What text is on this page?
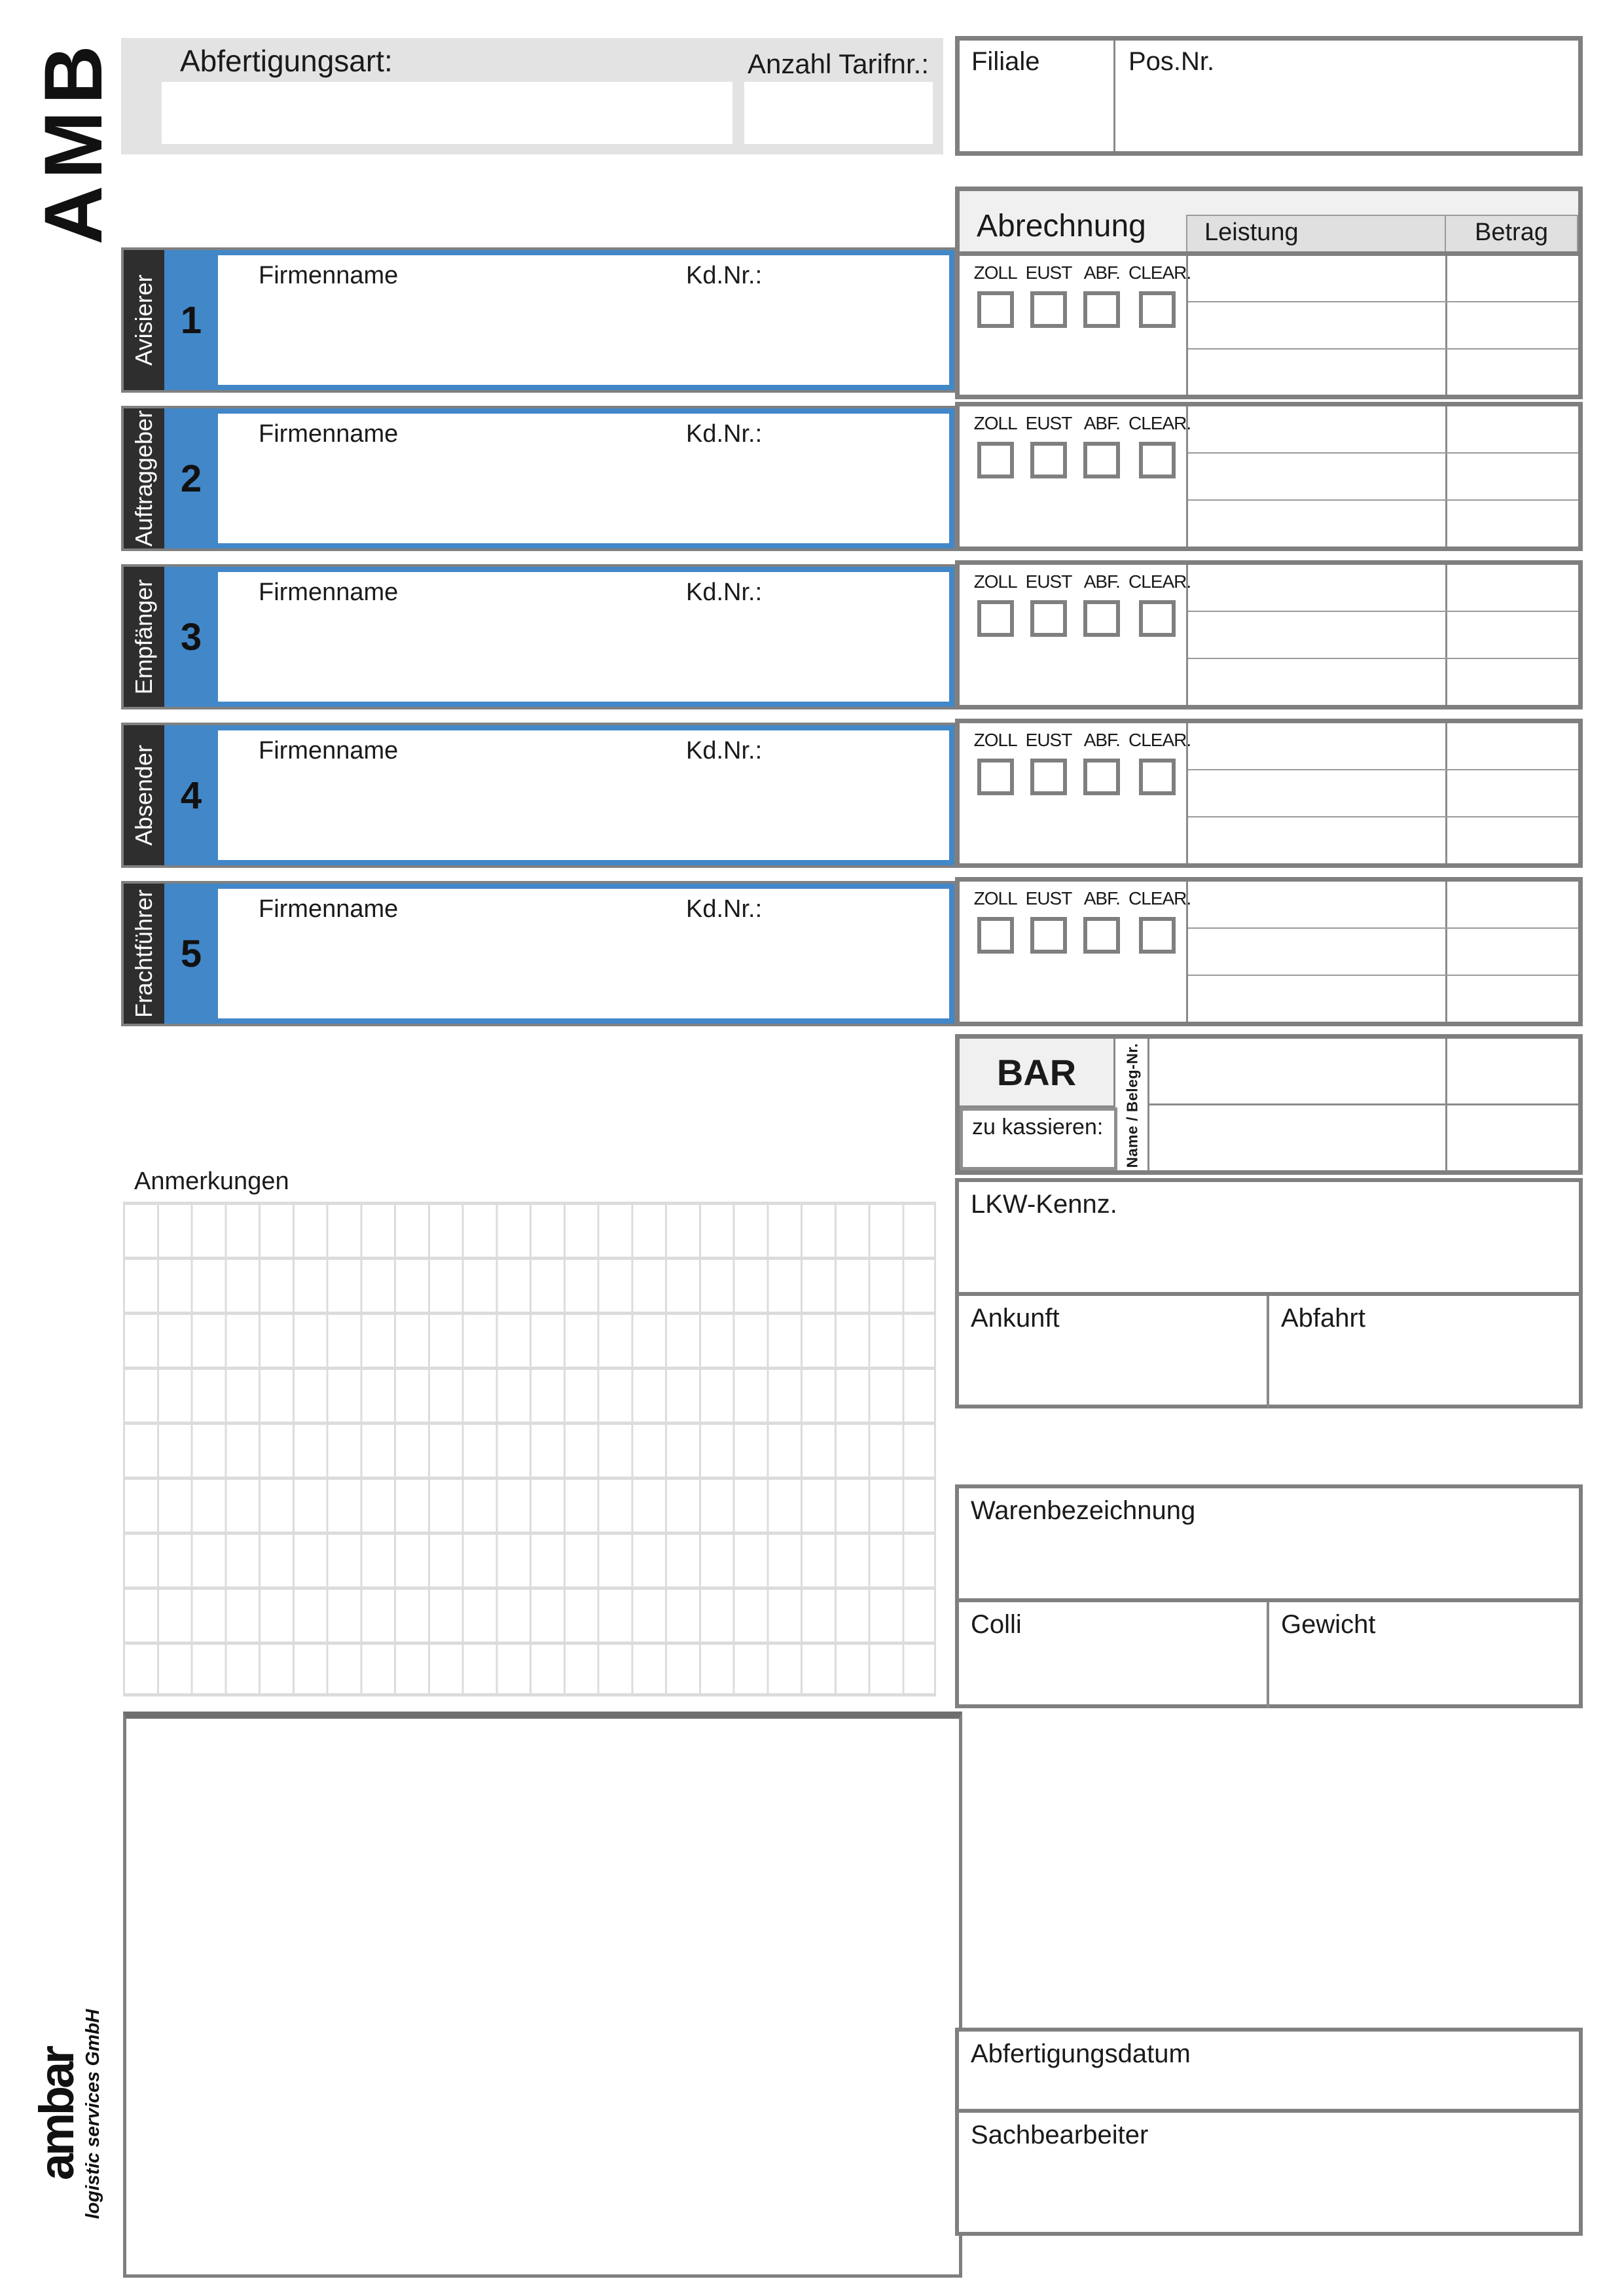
AMB Abfertigungsart:	Anzahl Tarifnr.:	Filiale	Pos.Nr.
Avisierer 1
Firmenname	Kd.Nr.:
Auftraggeber 2
Firmenname	Kd.Nr.:
Empfänger 3
Firmenname	Kd.Nr.:
Absender 4
Firmenname	Kd.Nr.:
Frachtführer 5
Firmenname	Kd.Nr.:
Abrechnung	Leistung	Betrag
ZOLL EUST ABF. CLEAR.
ZOLL EUST ABF. CLEAR.
ZOLL EUST ABF. CLEAR.
ZOLL EUST ABF. CLEAR.
ZOLL EUST ABF. CLEAR.
BAR
zu kassieren:	Name / Beleg-Nr.
Anmerkungen
LKW-Kennz.
Ankunft	Abfahrt
Warenbezeichnung
Colli	Gewicht
Abfertigungsdatum
Sachbearbeiter
ambar
logistic services GmbH
